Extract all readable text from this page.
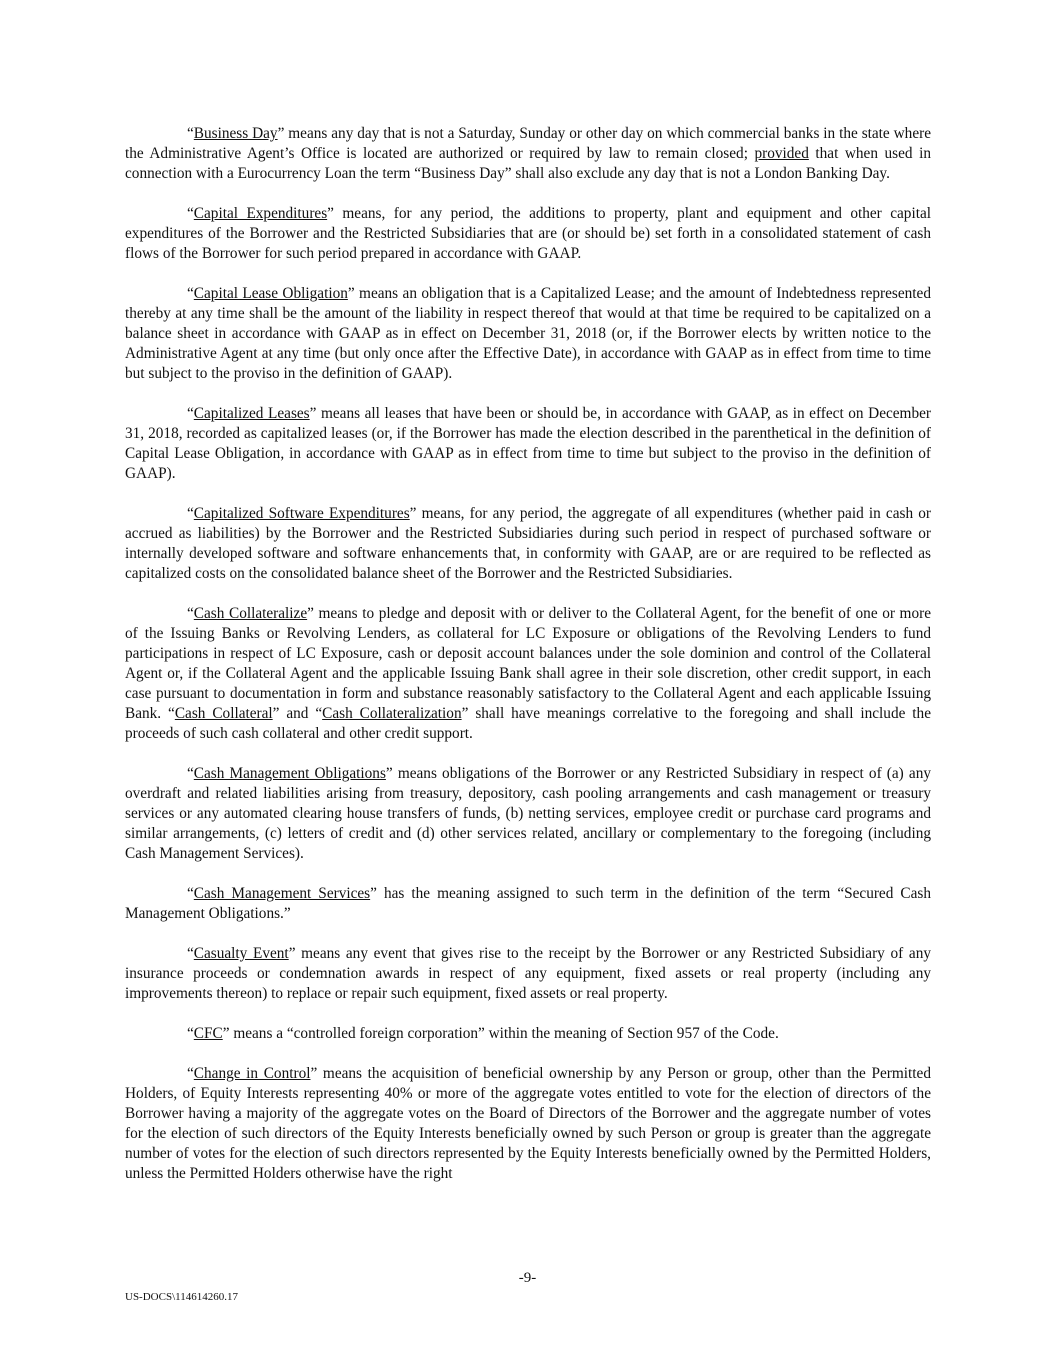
“Business Day” means any day that is not a Saturday, Sunday or other day on which commercial banks in the state where the Administrative Agent’s Office is located are authorized or required by law to remain closed; provided that when used in connection with a Eurocurrency Loan the term “Business Day” shall also exclude any day that is not a London Banking Day.

“Capital Expenditures” means, for any period, the additions to property, plant and equipment and other capital expenditures of the Borrower and the Restricted Subsidiaries that are (or should be) set forth in a consolidated statement of cash flows of the Borrower for such period prepared in accordance with GAAP.

“Capital Lease Obligation” means an obligation that is a Capitalized Lease; and the amount of Indebtedness represented thereby at any time shall be the amount of the liability in respect thereof that would at that time be required to be capitalized on a balance sheet in accordance with GAAP as in effect on December 31, 2018 (or, if the Borrower elects by written notice to the Administrative Agent at any time (but only once after the Effective Date), in accordance with GAAP as in effect from time to time but subject to the proviso in the definition of GAAP).

“Capitalized Leases” means all leases that have been or should be, in accordance with GAAP, as in effect on December 31, 2018, recorded as capitalized leases (or, if the Borrower has made the election described in the parenthetical in the definition of Capital Lease Obligation, in accordance with GAAP as in effect from time to time but subject to the proviso in the definition of GAAP).

“Capitalized Software Expenditures” means, for any period, the aggregate of all expenditures (whether paid in cash or accrued as liabilities) by the Borrower and the Restricted Subsidiaries during such period in respect of purchased software or internally developed software and software enhancements that, in conformity with GAAP, are or are required to be reflected as capitalized costs on the consolidated balance sheet of the Borrower and the Restricted Subsidiaries.

“Cash Collateralize” means to pledge and deposit with or deliver to the Collateral Agent, for the benefit of one or more of the Issuing Banks or Revolving Lenders, as collateral for LC Exposure or obligations of the Revolving Lenders to fund participations in respect of LC Exposure, cash or deposit account balances under the sole dominion and control of the Collateral Agent or, if the Collateral Agent and the applicable Issuing Bank shall agree in their sole discretion, other credit support, in each case pursuant to documentation in form and substance reasonably satisfactory to the Collateral Agent and each applicable Issuing Bank. “Cash Collateral” and “Cash Collateralization” shall have meanings correlative to the foregoing and shall include the proceeds of such cash collateral and other credit support.

“Cash Management Obligations” means obligations of the Borrower or any Restricted Subsidiary in respect of (a) any overdraft and related liabilities arising from treasury, depository, cash pooling arrangements and cash management or treasury services or any automated clearing house transfers of funds, (b) netting services, employee credit or purchase card programs and similar arrangements, (c) letters of credit and (d) other services related, ancillary or complementary to the foregoing (including Cash Management Services).

“Cash Management Services” has the meaning assigned to such term in the definition of the term “Secured Cash Management Obligations.”

“Casualty Event” means any event that gives rise to the receipt by the Borrower or any Restricted Subsidiary of any insurance proceeds or condemnation awards in respect of any equipment, fixed assets or real property (including any improvements thereon) to replace or repair such equipment, fixed assets or real property.

“CFC” means a “controlled foreign corporation” within the meaning of Section 957 of the Code.

“Change in Control” means the acquisition of beneficial ownership by any Person or group, other than the Permitted Holders, of Equity Interests representing 40% or more of the aggregate votes entitled to vote for the election of directors of the Borrower having a majority of the aggregate votes on the Board of Directors of the Borrower and the aggregate number of votes for the election of such directors of the Equity Interests beneficially owned by such Person or group is greater than the aggregate number of votes for the election of such directors represented by the Equity Interests beneficially owned by the Permitted Holders, unless the Permitted Holders otherwise have the right

-9-
US-DOCS\114614260.17
